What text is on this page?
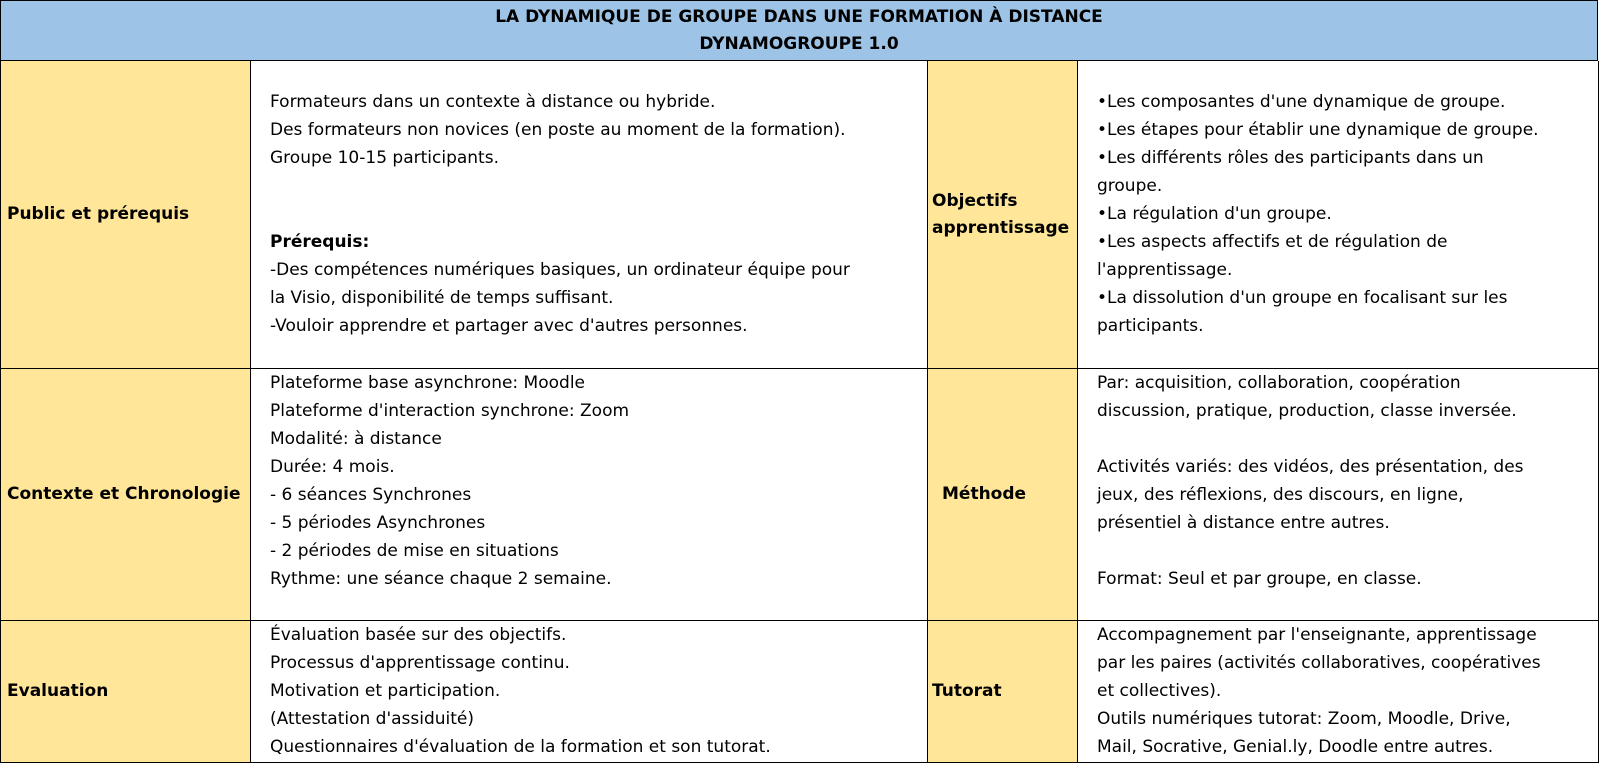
LA DYNAMIQUE DE GROUPE DANS UNE FORMATION À DISTANCE
DYNAMOGROUPE 1.0
Public et prérequis
Formateurs dans un contexte à distance ou hybride.
Des formateurs non novices (en poste au moment de la formation).
Groupe 10-15 participants.
Prérequis:
-Des compétences numériques basiques, un ordinateur équipe pour
la Visio, disponibilité de temps suffisant.
-Vouloir apprendre et partager avec d'autres personnes.
Objectifs
apprentissage
•Les composantes d'une dynamique de groupe.
•Les étapes pour établir une dynamique de groupe.
•Les différents rôles des participants dans un
groupe.
•La régulation d'un groupe.
•Les aspects affectifs et de régulation de
l'apprentissage.
•La dissolution d'un groupe en focalisant sur les
participants.
Contexte et Chronologie
Plateforme base asynchrone: Moodle
Plateforme d'interaction synchrone: Zoom
Modalité: à distance
Durée: 4 mois.
- 6 séances Synchrones
- 5 périodes Asynchrones
- 2 périodes de mise en situations
Rythme: une séance chaque 2 semaine.
Méthode
Par: acquisition, collaboration, coopération
discussion, pratique, production, classe inversée.
Activités variés: des vidéos, des présentation, des
jeux, des réflexions, des discours, en ligne,
présentiel à distance entre autres.
Format: Seul et par groupe, en classe.
Evaluation
Évaluation basée sur des objectifs.
Processus d'apprentissage continu.
Motivation et participation.
(Attestation d'assiduité)
Questionnaires d'évaluation de la formation et son tutorat.
Tutorat
Accompagnement par l'enseignante, apprentissage
par les paires (activités collaboratives, coopératives
et collectives).
Outils numériques tutorat: Zoom, Moodle, Drive,
Mail, Socrative, Genial.ly, Doodle entre autres.
